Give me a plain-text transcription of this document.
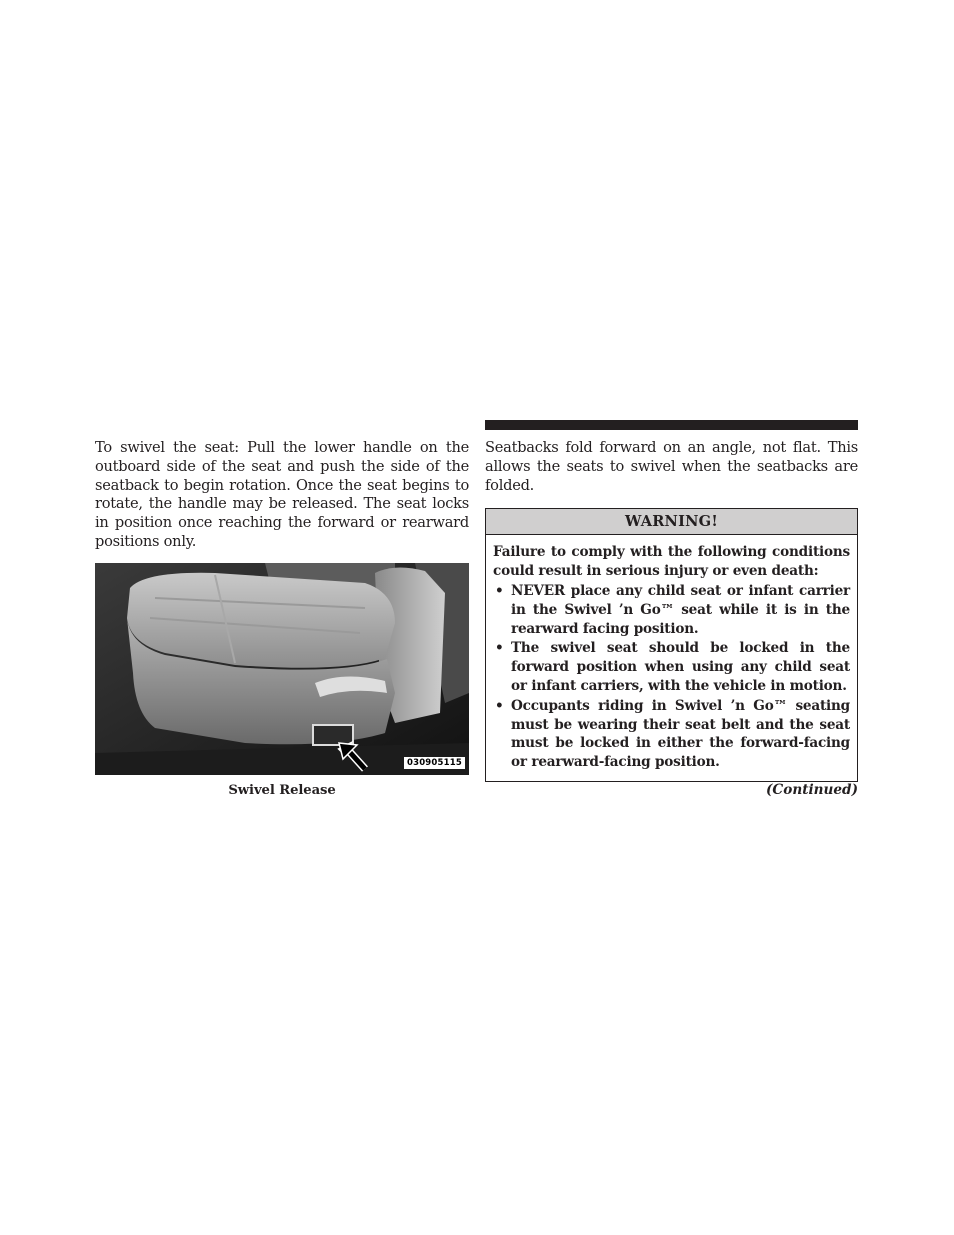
To swivel the seat: Pull the lower handle on the outboard side of the seat and push the side of the seatback to begin rotation. Once the seat begins to rotate, the handle may be released. The seat locks in position once reaching the forward or rearward positions only.

030905115
Swivel Release

Seatbacks fold forward on an angle, not flat. This allows the seats to swivel when the seatbacks are folded.

WARNING!

Failure to comply with the following conditions could result in serious injury or even death:

• NEVER place any child seat or infant carrier in the Swivel ’n Go™ seat while it is in the rearward facing position.
• The swivel seat should be locked in the forward position when using any child seat or infant carriers, with the vehicle in motion.
• Occupants riding in Swivel ’n Go™ seating must be wearing their seat belt and the seat must be locked in either the forward-facing or rearward-facing position.
(Continued)
